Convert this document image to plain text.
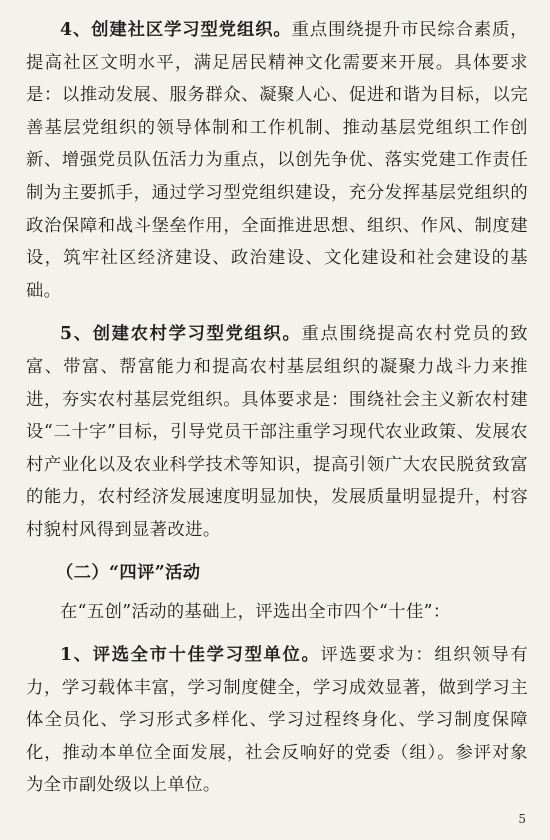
4、创建社区学习型党组织。重点围绕提升市民综合素质，提高社区文明水平，满足居民精神文化需要来开展。具体要求是：以推动发展、服务群众、凝聚人心、促进和谐为目标，以完善基层党组织的领导体制和工作机制、推动基层党组织工作创新、增强党员队伍活力为重点，以创先争优、落实党建工作责任制为主要抓手，通过学习型党组织建设，充分发挥基层党组织的政治保障和战斗堡垒作用，全面推进思想、组织、作风、制度建设，筑牢社区经济建设、政治建设、文化建设和社会建设的基础。

5、创建农村学习型党组织。重点围绕提高农村党员的致富、带富、帮富能力和提高农村基层组织的凝聚力战斗力来推进，夯实农村基层党组织。具体要求是：围绕社会主义新农村建设“二十字”目标，引导党员干部注重学习现代农业政策、发展农村产业化以及农业科学技术等知识，提高引领广大农民脱贫致富的能力，农村经济发展速度明显加快，发展质量明显提升，村容村貌村风得到显著改进。

（二）“四评”活动

在“五创”活动的基础上，评选出全市四个“十佳”：

1、评选全市十佳学习型单位。评选要求为：组织领导有力，学习载体丰富，学习制度健全，学习成效显著，做到学习主体全员化、学习形式多样化、学习过程终身化、学习制度保障化，推动本单位全面发展，社会反响好的党委（组）。参评对象为全市副处级以上单位。

5
